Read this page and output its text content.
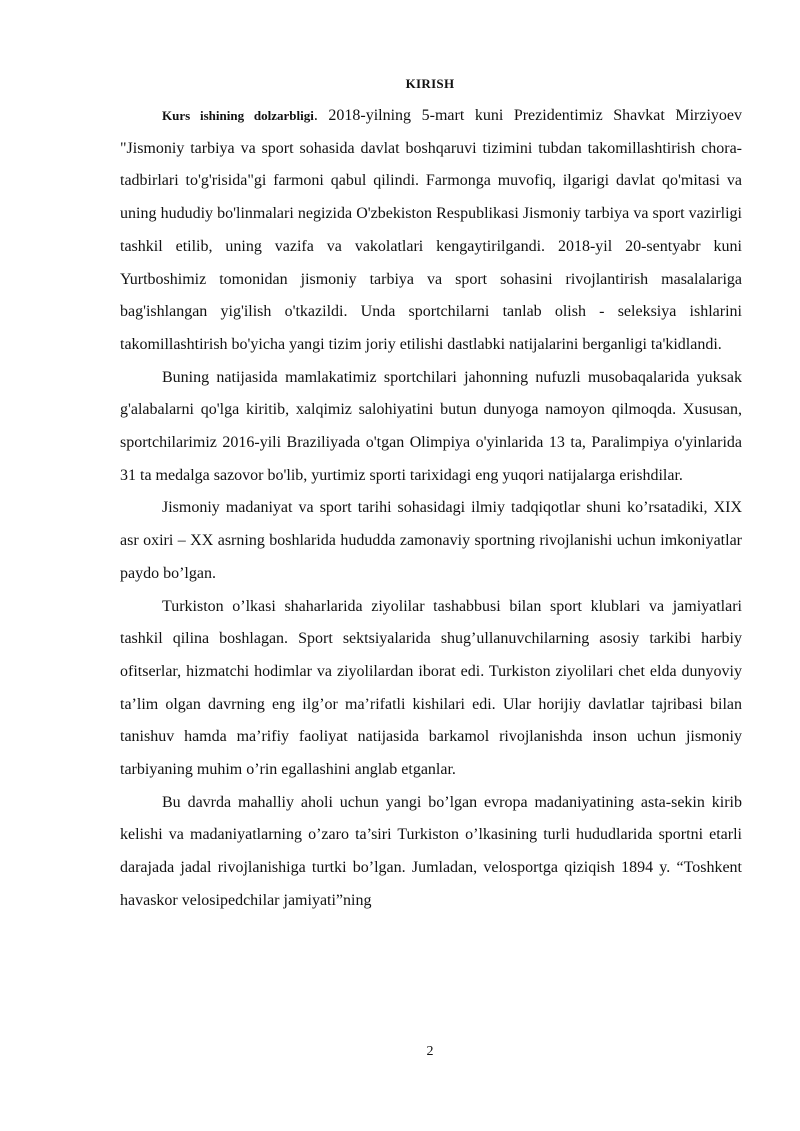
KIRISH

Kurs ishining dolzarbligi. 2018-yilning 5-mart kuni Prezidentimiz Shavkat Mirziyoev "Jismoniy tarbiya va sport sohasida davlat boshqaruvi tizimini tubdan takomillashtirish chora-tadbirlari to'g'risida"gi farmoni qabul qilindi. Farmonga muvofiq, ilgarigi davlat qo'mitasi va uning hududiy bo'linmalari negizida O'zbekiston Respublikasi Jismoniy tarbiya va sport vazirligi tashkil etilib, uning vazifa va vakolatlari kengaytirilgandi. 2018-yil 20-sentyabr kuni Yurtboshimiz tomonidan jismoniy tarbiya va sport sohasini rivojlantirish masalalariga bag'ishlangan yig'ilish o'tkazildi. Unda sportchilarni tanlab olish - seleksiya ishlarini takomillashtirish bo'yicha yangi tizim joriy etilishi dastlabki natijalarini berganligi ta'kidlandi.

Buning natijasida mamlakatimiz sportchilari jahonning nufuzli musobaqalarida yuksak g'alabalarni qo'lga kiritib, xalqimiz salohiyatini butun dunyoga namoyon qilmoqda. Xususan, sportchilarimiz 2016-yili Braziliyada o'tgan Olimpiya o'yinlarida 13 ta, Paralimpiya o'yinlarida 31 ta medalga sazovor bo'lib, yurtimiz sporti tarixidagi eng yuqori natijalarga erishdilar.

Jismoniy madaniyat va sport tarihi sohasidagi ilmiy tadqiqotlar shuni ko’rsatadiki, XIX asr oxiri – XX asrning boshlarida hududda zamonaviy sportning rivojlanishi uchun imkoniyatlar paydo bo’lgan.

Turkiston o’lkasi shaharlarida ziyolilar tashabbusi bilan sport klublari va jamiyatlari tashkil qilina boshlagan. Sport sektsiyalarida shug’ullanuvchilarning asosiy tarkibi harbiy ofitserlar, hizmatchi hodimlar va ziyolilardan iborat edi. Turkiston ziyolilari chet elda dunyoviy ta’lim olgan davrning eng ilg’or ma’rifatli kishilari edi. Ular horijiy davlatlar tajribasi bilan tanishuv hamda ma’rifiy faoliyat natijasida barkamol rivojlanishda inson uchun jismoniy tarbiyaning muhim o’rin egallashini anglab etganlar.

Bu davrda mahalliy aholi uchun yangi bo’lgan evropa madaniyatining asta-sekin kirib kelishi va madaniyatlarning o’zaro ta’siri Turkiston o’lkasining turli hududlarida sportni etarli darajada jadal rivojlanishiga turtki bo’lgan. Jumladan, velosportga qiziqish 1894 y. “Toshkent havaskor velosipedchilar jamiyati”ning

2
